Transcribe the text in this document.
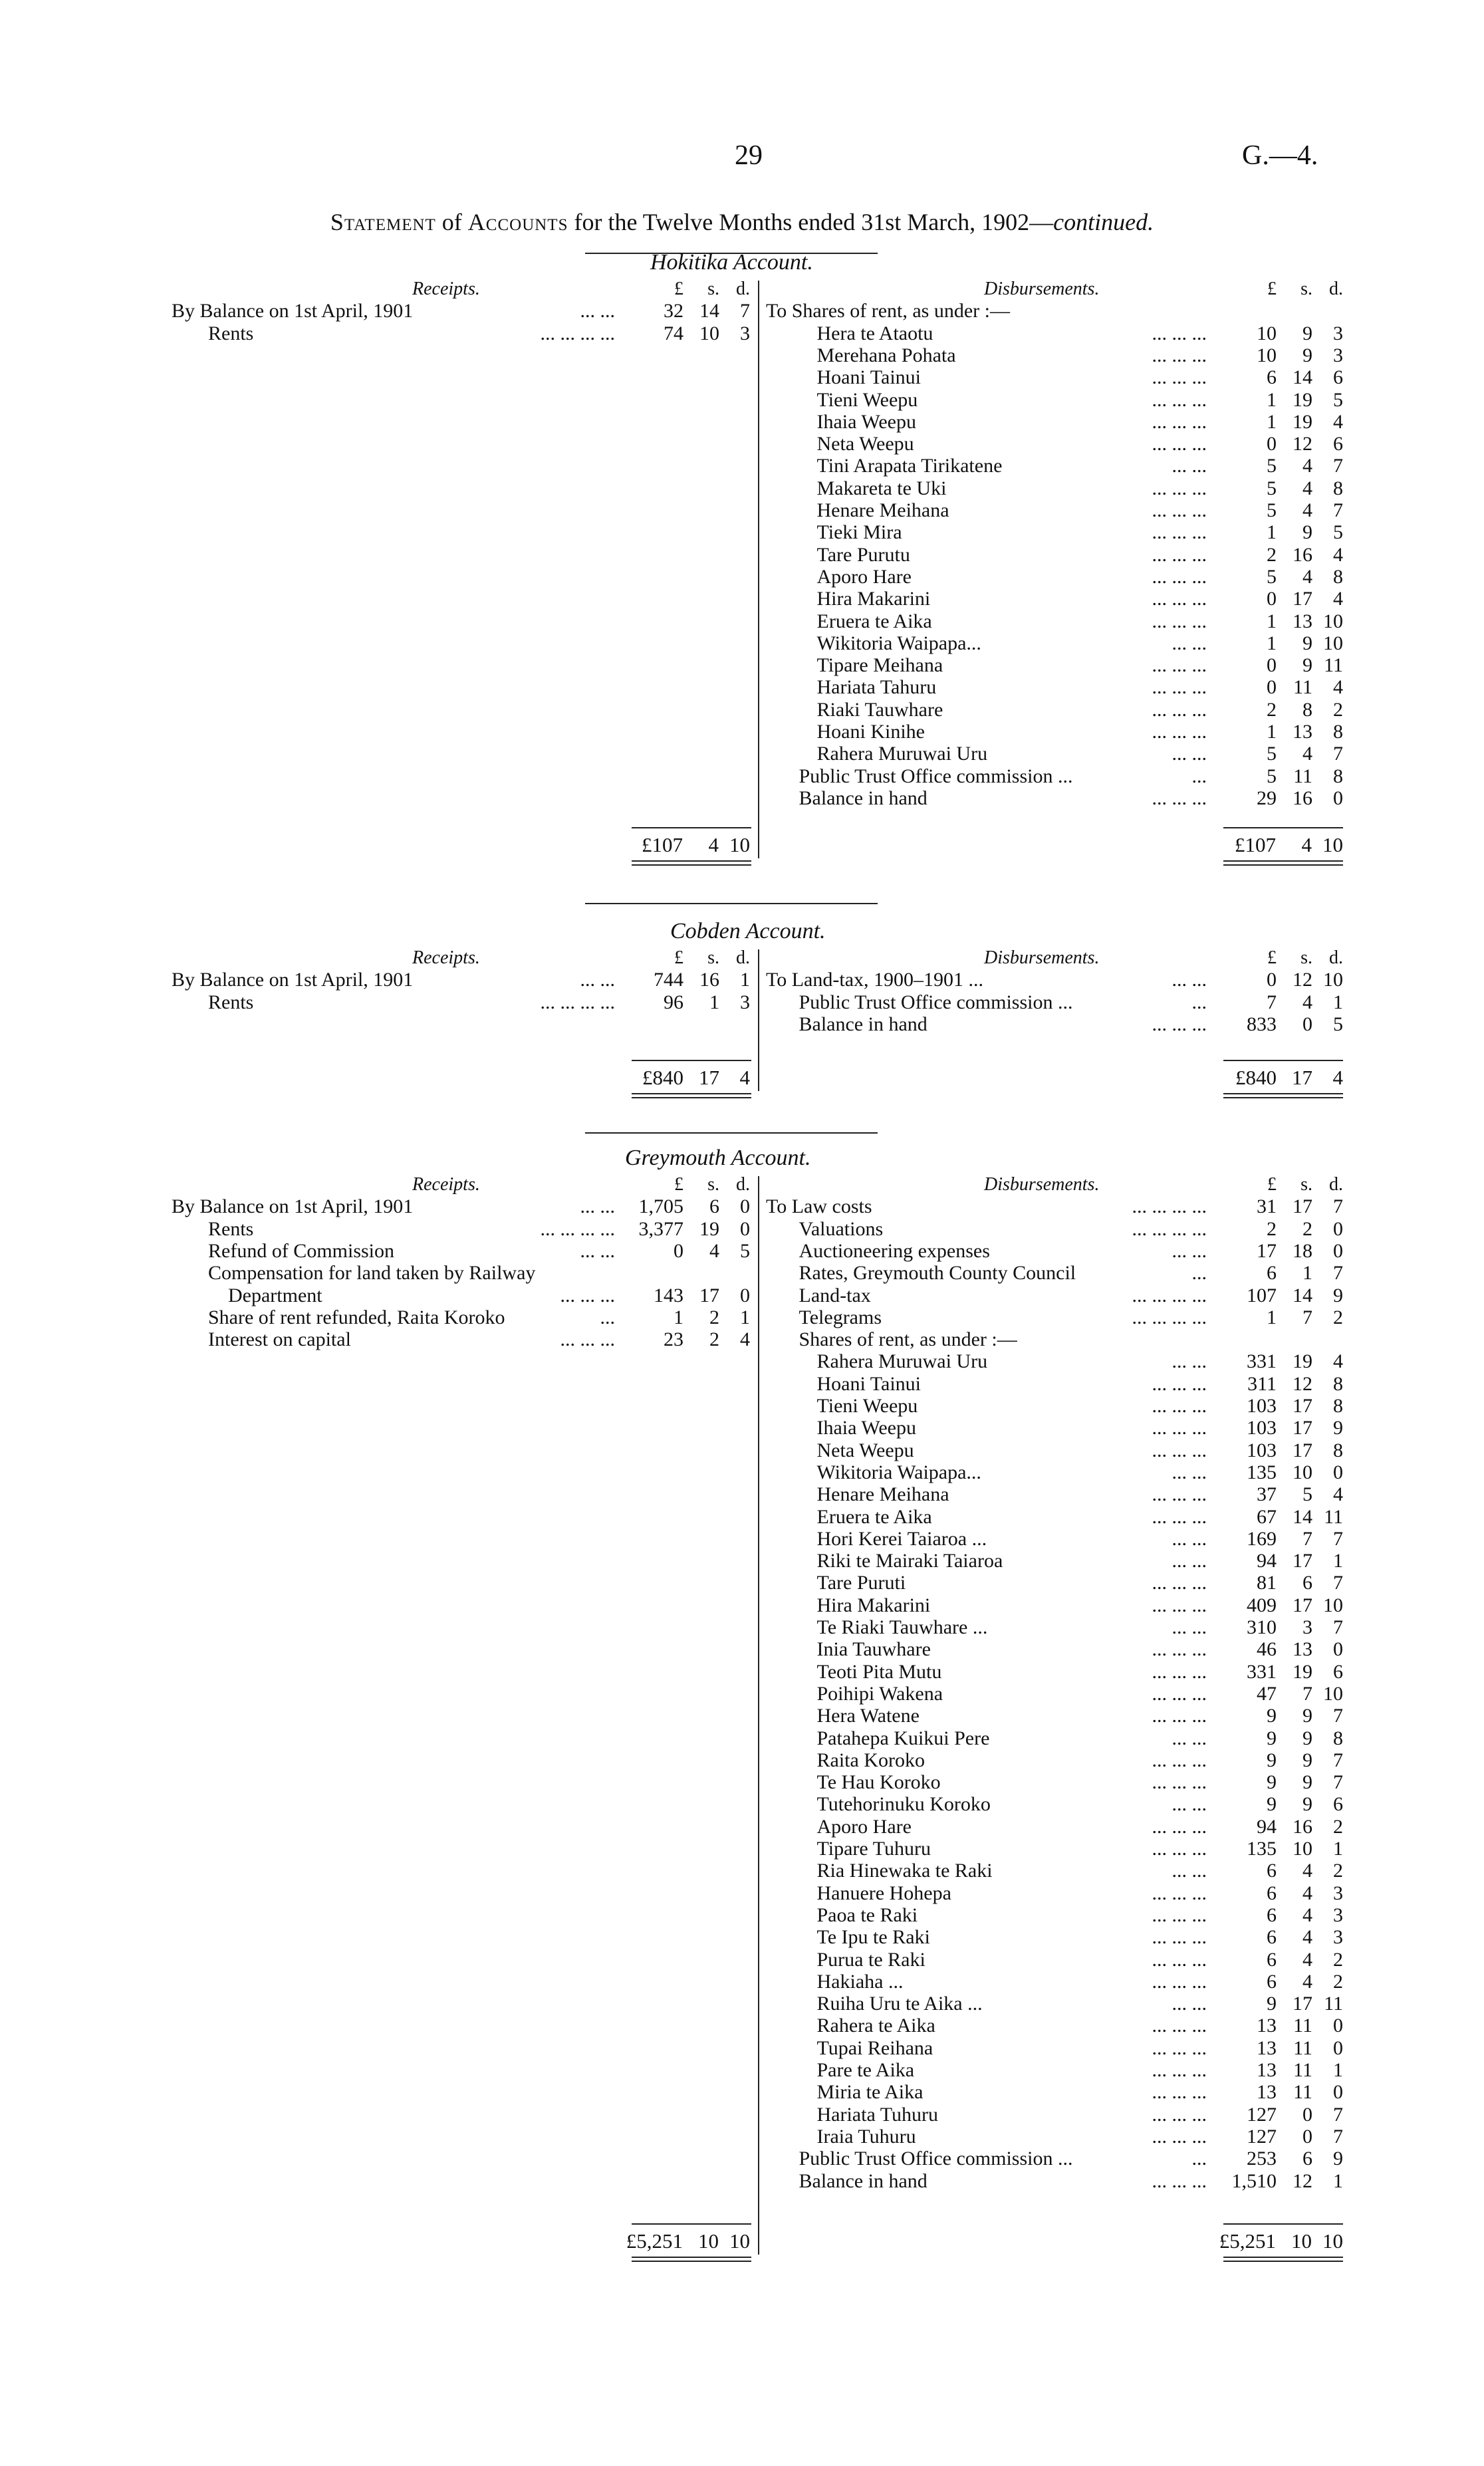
29	G.—4.
Statement of Accounts for the Twelve Months ended 31st March, 1902—continued.
Hokitika Account.
Receipts.	Disbursements.
£	s. d.	£	s. d.
By Balance on 1st April, 1901	... ...	32 14	7
Rents	... ... ... ...	74 10	3
To Shares of rent, as under :—
Hera te Ataotu	... ... ...	10	9	3
Merehana Pohata	... ... ...	10	9	3
Hoani Tainui	... ... ...	6 14	6
Tieni Weepu	... ... ...	1 19	5
Ihaia Weepu	... ... ...	1 19	4
Neta Weepu	... ... ...	0 12	6
Tini Arapata Tirikatene	... ...	5	4	7
Makareta te Uki	... ... ...	5	4	8
Henare Meihana	... ... ...	5	4	7
Tieki Mira	... ... ...	1	9	5
Tare Purutu	... ... ...	2 16	4
Aporo Hare	... ... ...	5	4	8
Hira Makarini	... ... ...	0 17	4
Eruera te Aika	... ... ...	1 13 10
Wikitoria Waipapa...	... ...	1	9 10
Tipare Meihana	... ... ...	0	9 11
Hariata Tahuru	... ... ...	0 11	4
Riaki Tauwhare	... ... ...	2	8	2
Hoani Kinihe	... ... ...	1 13	8
Rahera Muruwai Uru	... ...	5	4	7
Public Trust Office commission ...	...	5 11	8
Balance in hand	... ... ...	29 16	0
£107	4 10	£107	4 10
Cobden Account.
Receipts.	Disbursements.
£	s. d.	£	s. d.
By Balance on 1st April, 1901	... ...	744 16	1
Rents	... ... ... ...	96	1	3
To Land-tax, 1900–1901 ...	... ...	0 12 10
Public Trust Office commission ...	...	7	4	1
Balance in hand	... ... ...	833	0	5
£840 17 4	£840 17 4
Greymouth Account.
Receipts.	Disbursements.
£	s. d.	£	s. d.
By Balance on 1st April, 1901	... ... 1,705	6	0
Rents	... ... ... ... 3,377 19	0
Refund of Commission	... ...	0	4	5
Compensation for land taken by Railway
Department	... ... ...	143 17	0
Share of rent refunded, Raita Koroko	...	1	2	1
Interest on capital	... ... ...	23	2	4
To Law costs	... ... ... ...	31 17	7
Valuations	... ... ... ...	2	2	0
Auctioneering expenses	... ...	17 18	0
Rates, Greymouth County Council	...	6	1	7
Land-tax	... ... ... ...	107 14	9
Telegrams	... ... ... ...	1	7	2
Shares of rent, as under :—
Rahera Muruwai Uru	... ...	331 19	4
Hoani Tainui	... ... ...	311 12	8
Tieni Weepu	... ... ...	103 17	8
Ihaia Weepu	... ... ...	103 17	9
Neta Weepu	... ... ...	103 17	8
Wikitoria Waipapa...	... ...	135 10	0
Henare Meihana	... ... ...	37	5	4
Eruera te Aika	... ... ...	67 14 11
Hori Kerei Taiaroa ...	... ...	169	7	7
Riki te Mairaki Taiaroa	... ...	94 17	1
Tare Puruti	... ... ...	81	6	7
Hira Makarini	... ... ...	409 17 10
Te Riaki Tauwhare ...	... ...	310	3	7
Inia Tauwhare	... ... ...	46 13	0
Teoti Pita Mutu	... ... ...	331 19	6
Poihipi Wakena	... ... ...	47	7 10
Hera Watene	... ... ...	9	9	7
Patahepa Kuikui Pere	... ...	9	9	8
Raita Koroko	... ... ...	9	9	7
Te Hau Koroko	... ... ...	9	9	7
Tutehorinuku Koroko	... ...	9	9	6
Aporo Hare	... ... ...	94 16	2
Tipare Tuhuru	... ... ...	135 10	1
Ria Hinewaka te Raki	... ...	6	4	2
Hanuere Hohepa	... ... ...	6	4	3
Paoa te Raki	... ... ...	6	4	3
Te Ipu te Raki	... ... ...	6	4	3
Purua te Raki	... ... ...	6	4	2
Hakiaha ...	... ... ...	6	4	2
Ruiha Uru te Aika ...	... ...	9 17 11
Rahera te Aika	... ... ...	13 11	0
Tupai Reihana	... ... ...	13 11	0
Pare te Aika	... ... ...	13 11	1
Miria te Aika	... ... ...	13 11	0
Hariata Tuhuru	... ... ...	127	0	7
Iraia Tuhuru	... ... ...	127	0	7
Public Trust Office commission ...	...	253	6	9
Balance in hand	... ... ... 1,510 12	1
£5,251 10 10	£5,251 10 10
